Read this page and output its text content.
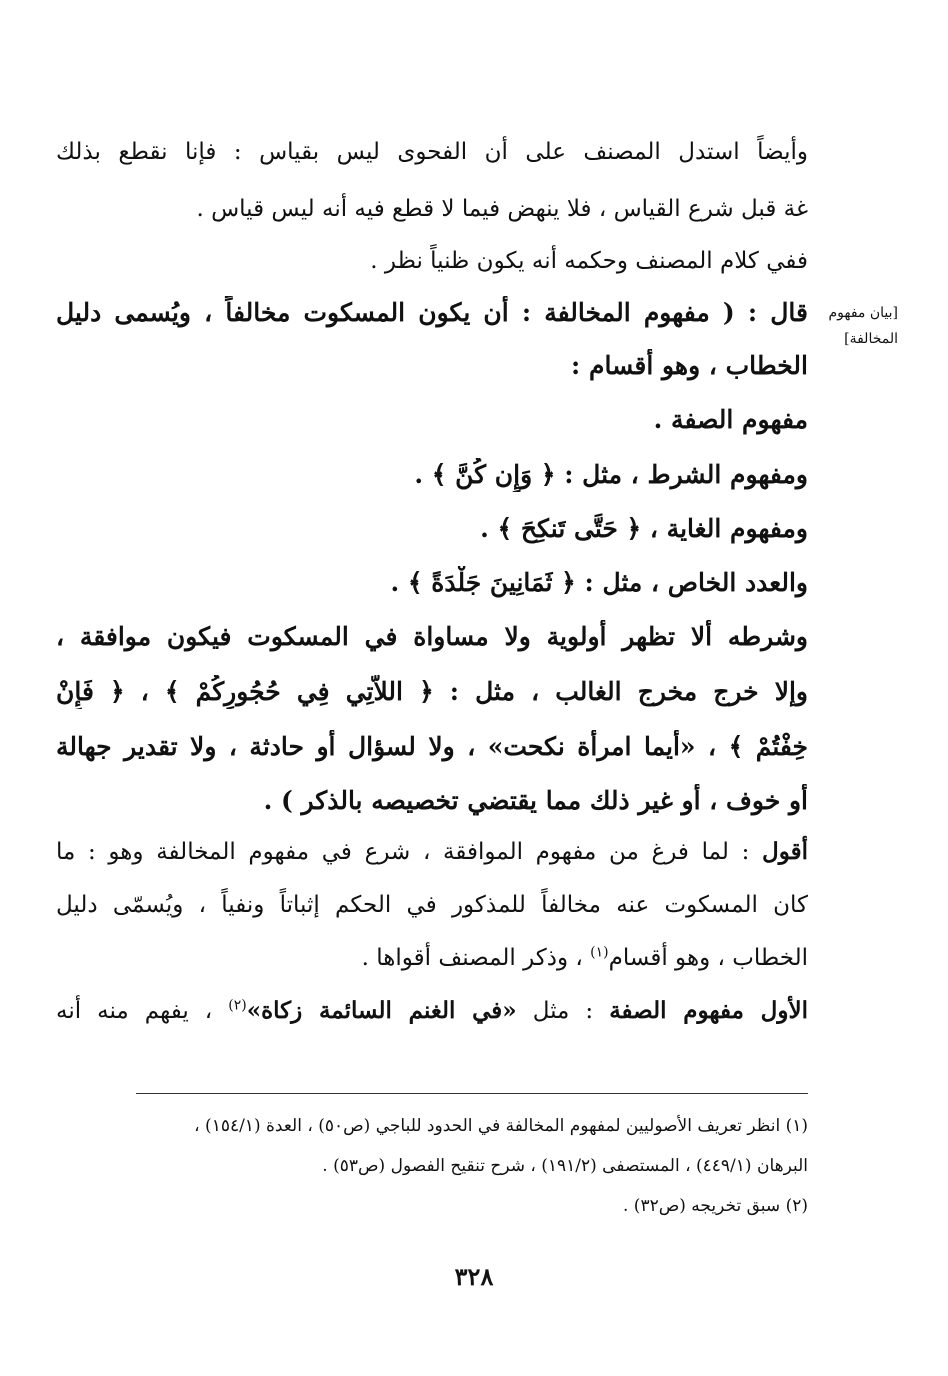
[بيان مفهوم
المخالفة]
وأيضاً استدل المصنف على أن الفحوى ليس بقياس : فإنا نقطع بذلك
ٍّغة قبل شرع القياس ، فلا ينهض فيما لا قطع فيه أنه ليس قياس .
ففي كلام المصنف وحكمه أنه يكون ظنياً نظر .
قال : ( مفهوم المخالفة : أن يكون المسكوت مخالفاً ، ويُسمى دليل
الخطاب ، وهو أقسام :
مفهوم الصفة .
ومفهوم الشرط ، مثل : ﴿ وَإِن كُنَّ ﴾ .
ومفهوم الغاية ، ﴿ حَتَّى تَنكِحَ ﴾ .
والعدد الخاص ، مثل : ﴿ ثَمَانِينَ جَلْدَةً ﴾ .
وشرطه ألا تظهر أولوية ولا مساواة في المسكوت فيكون موافقة ،
وإلا خرج مخرج الغالب ، مثل : ﴿ اللاَّتِي فِي حُجُورِكُمْ ﴾ ، ﴿ فَإِنْ
خِفْتُمْ ﴾ ، «أيما امرأة نكحت» ، ولا لسؤال أو حادثة ، ولا تقدير جهالة
أو خوف ، أو غير ذلك مما يقتضي تخصيصه بالذكر ) .
أقول : لما فرغ من مفهوم الموافقة ، شرع في مفهوم المخالفة وهو : ما
كان المسكوت عنه مخالفاً للمذكور في الحكم إثباتاً ونفياً ، ويُسمّى دليل
الخطاب ، وهو أقسام$^{(١)}$ ، وذكر المصنف أقواها .
الأول مفهوم الصفة : مثل «في الغنم السائمة زكاة»$^{(٢)}$ ، يفهم منه أنه
(١) انظر تعريف الأصوليين لمفهوم المخالفة في الحدود للباجي (ص٥٠) ، العدة (١٥٤/١) ،
البرهان (٤٤٩/١) ، المستصفى (١٩١/٢) ، شرح تنقيح الفصول (ص٥٣) .
(٢) سبق تخريجه (ص٣٢) .
٣٢٨
